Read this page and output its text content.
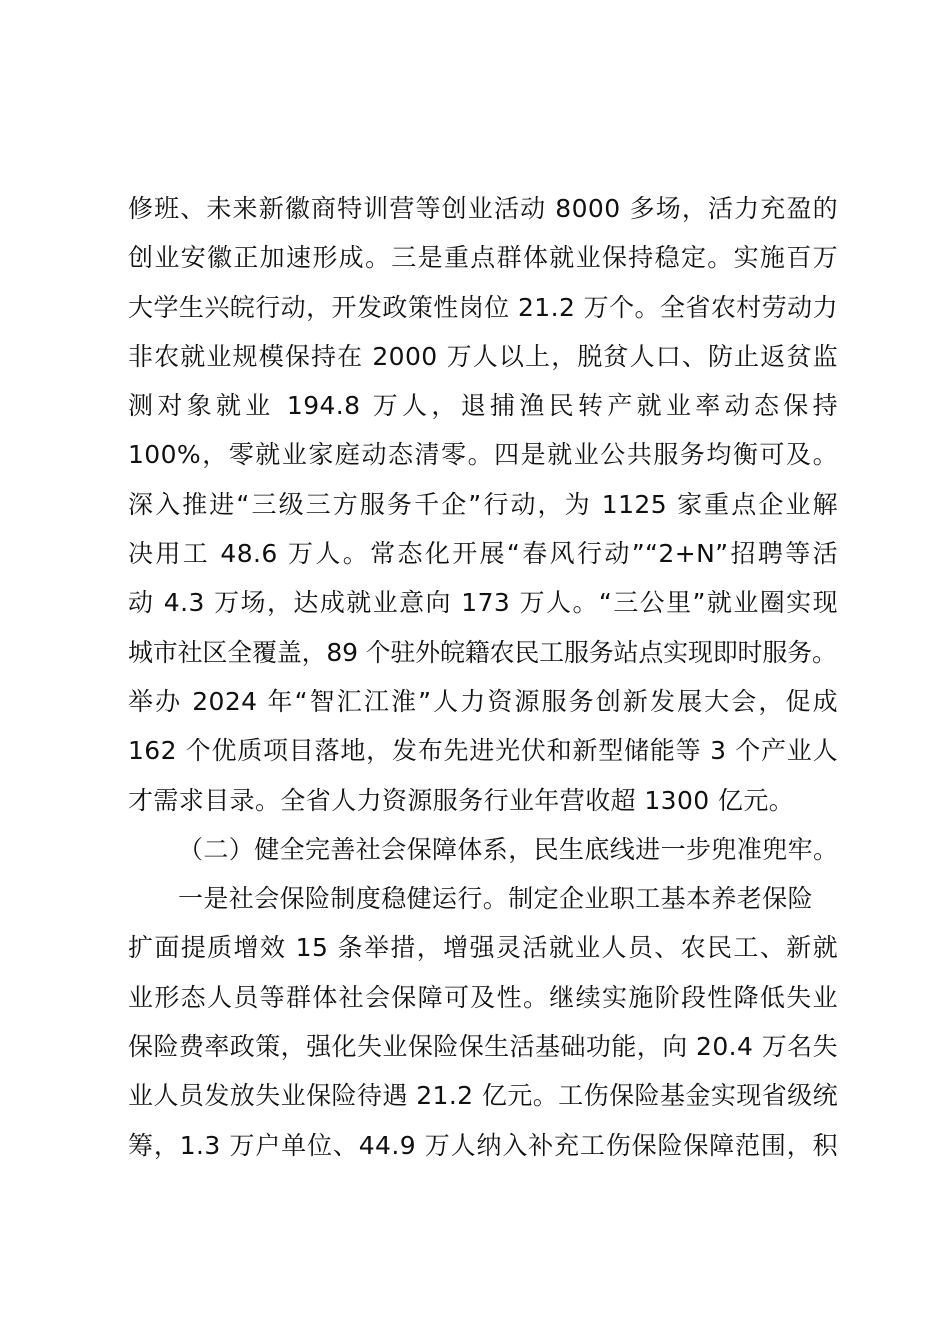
修班、未来新徽商特训营等创业活动 8000 多场，活力充盈的
创业安徽正加速形成。三是重点群体就业保持稳定。实施百万
大学生兴皖行动，开发政策性岗位 21.2 万个。全省农村劳动力
非农就业规模保持在 2000 万人以上，脱贫人口、防止返贫监
测对象就业 194.8 万人，退捕渔民转产就业率动态保持
100%，零就业家庭动态清零。四是就业公共服务均衡可及。
深入推进“三级三方服务千企”行动，为 1125 家重点企业解
决用工 48.6 万人。常态化开展“春风行动”“2+N”招聘等活
动 4.3 万场，达成就业意向 173 万人。“三公里”就业圈实现
城市社区全覆盖，89 个驻外皖籍农民工服务站点实现即时服务。
举办 2024 年“智汇江淮”人力资源服务创新发展大会，促成
162 个优质项目落地，发布先进光伏和新型储能等 3 个产业人
才需求目录。全省人力资源服务行业年营收超 1300 亿元。
（二）健全完善社会保障体系，民生底线进一步兜准兜牢。
一是社会保险制度稳健运行。制定企业职工基本养老保险
扩面提质增效 15 条举措，增强灵活就业人员、农民工、新就
业形态人员等群体社会保障可及性。继续实施阶段性降低失业
保险费率政策，强化失业保险保生活基础功能，向 20.4 万名失
业人员发放失业保险待遇 21.2 亿元。工伤保险基金实现省级统
筹，1.3 万户单位、44.9 万人纳入补充工伤保险保障范围，积
